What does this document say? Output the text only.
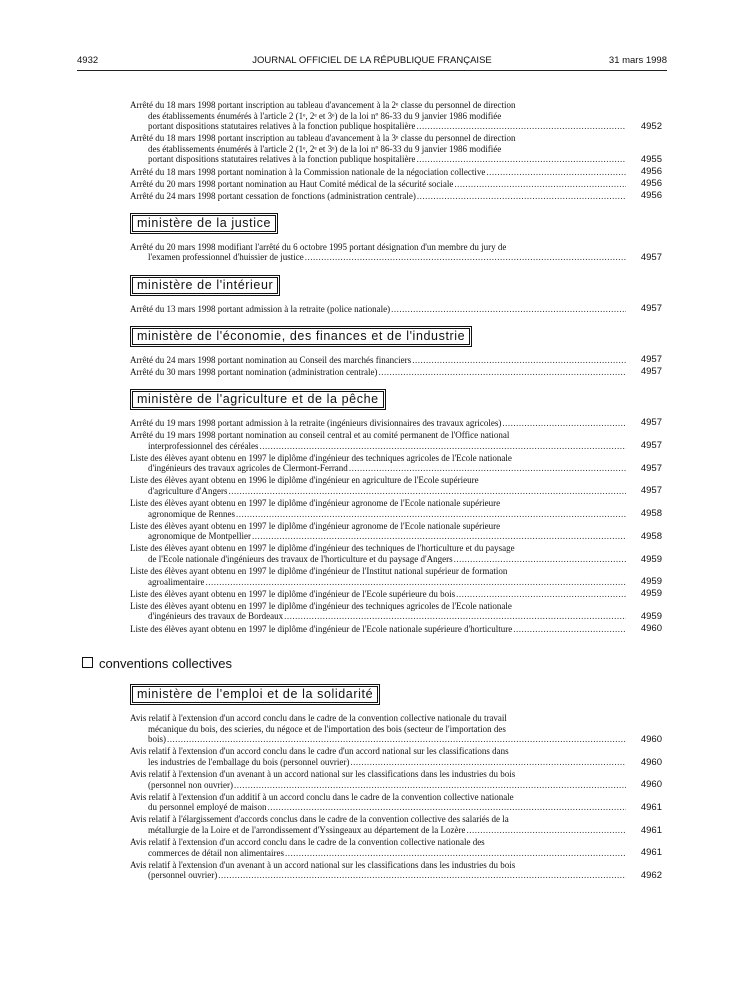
4932	JOURNAL OFFICIEL DE LA RÉPUBLIQUE FRANÇAISE	31 mars 1998
Arrêté du 18 mars 1998 portant inscription au tableau d'avancement à la 2ᵉ classe du personnel de direction
des établissements énumérés à l'article 2 (1ᵉ, 2ᵉ et 3ᵉ) de la loi nº 86-33 du 9 janvier 1986 modifiée
portant dispositions statutaires relatives à la fonction publique hospitalière .....	4952
Arrêté du 18 mars 1998 portant inscription au tableau d'avancement à la 3ᵉ classe du personnel de direction
des établissements énumérés à l'article 2 (1ᵉ, 2ᵉ et 3ᵉ) de la loi nº 86-33 du 9 janvier 1986 modifiée
portant dispositions statutaires relatives à la fonction publique hospitalière .....	4955
Arrêté du 18 mars 1998 portant nomination à la Commission nationale de la négociation collective .....	4956
Arrêté du 20 mars 1998 portant nomination au Haut Comité médical de la sécurité sociale .....	4956
Arrêté du 24 mars 1998 portant cessation de fonctions (administration centrale) .....	4956
ministère de la justice
Arrêté du 20 mars 1998 modifiant l'arrêté du 6 octobre 1995 portant désignation d'un membre du jury de
l'examen professionnel d'huissier de justice .....	4957
ministère de l'intérieur
Arrêté du 13 mars 1998 portant admission à la retraite (police nationale) .....	4957
ministère de l'économie, des finances et de l'industrie
Arrêté du 24 mars 1998 portant nomination au Conseil des marchés financiers .....	4957
Arrêté du 30 mars 1998 portant nomination (administration centrale) .....	4957
ministère de l'agriculture et de la pêche
Arrêté du 19 mars 1998 portant admission à la retraite (ingénieurs divisionnaires des travaux agricoles) .....	4957
Arrêté du 19 mars 1998 portant nomination au conseil central et au comité permanent de l'Office national
interprofessionnel des céréales .....	4957
Liste des élèves ayant obtenu en 1997 le diplôme d'ingénieur des techniques agricoles de l'Ecole nationale
d'ingénieurs des travaux agricoles de Clermont-Ferrand .....	4957
Liste des élèves ayant obtenu en 1996 le diplôme d'ingénieur en agriculture de l'Ecole supérieure
d'agriculture d'Angers .....	4957
Liste des élèves ayant obtenu en 1997 le diplôme d'ingénieur agronome de l'Ecole nationale supérieure
agronomique de Rennes .....	4958
Liste des élèves ayant obtenu en 1997 le diplôme d'ingénieur agronome de l'Ecole nationale supérieure
agronomique de Montpellier .....	4958
Liste des élèves ayant obtenu en 1997 le diplôme d'ingénieur des techniques de l'horticulture et du paysage
de l'Ecole nationale d'ingénieurs des travaux de l'horticulture et du paysage d'Angers .....	4959
Liste des élèves ayant obtenu en 1997 le diplôme d'ingénieur de l'Institut national supérieur de formation
agroalimentaire .....	4959
Liste des élèves ayant obtenu en 1997 le diplôme d'ingénieur de l'Ecole supérieure du bois .....	4959
Liste des élèves ayant obtenu en 1997 le diplôme d'ingénieur des techniques agricoles de l'Ecole nationale
d'ingénieurs des travaux de Bordeaux .....	4959
Liste des élèves ayant obtenu en 1997 le diplôme d'ingénieur de l'Ecole nationale supérieure d'horticulture .....	4960
conventions collectives
ministère de l'emploi et de la solidarité
Avis relatif à l'extension d'un accord conclu dans le cadre de la convention collective nationale du travail
mécanique du bois, des scieries, du négoce et de l'importation des bois (secteur de l'importation des
bois) .....	4960
Avis relatif à l'extension d'un accord conclu dans le cadre d'un accord national sur les classifications dans
les industries de l'emballage du bois (personnel ouvrier) .....	4960
Avis relatif à l'extension d'un avenant à un accord national sur les classifications dans les industries du bois
(personnel non ouvrier) .....	4960
Avis relatif à l'extension d'un additif à un accord conclu dans le cadre de la convention collective nationale
du personnel employé de maison .....	4961
Avis relatif à l'élargissement d'accords conclus dans le cadre de la convention collective des salariés de la
métallurgie de la Loire et de l'arrondissement d'Yssingeaux au département de la Lozère .....	4961
Avis relatif à l'extension d'un accord conclu dans le cadre de la convention collective nationale des
commerces de détail non alimentaires .....	4961
Avis relatif à l'extension d'un avenant à un accord national sur les classifications dans les industries du bois
(personnel ouvrier) .....	4962
